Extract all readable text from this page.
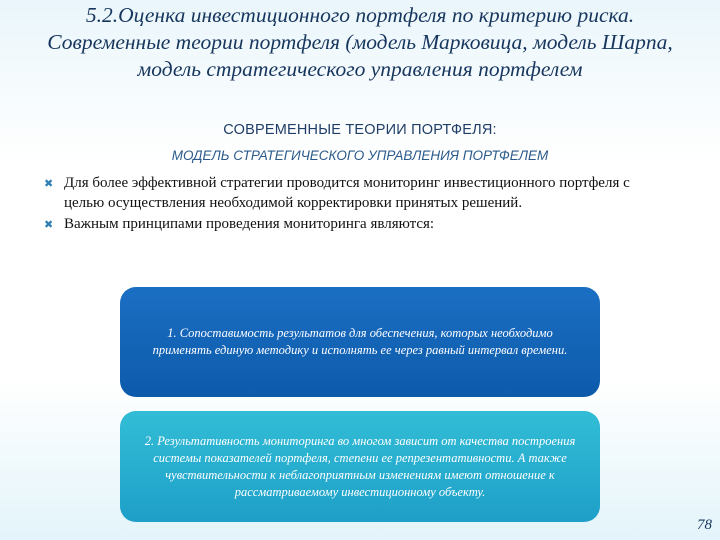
5.2.Оценка инвестиционного портфеля по критерию риска. Современные теории портфеля (модель Марковица, модель Шарпа, модель стратегического управления портфелем
СОВРЕМЕННЫЕ ТЕОРИИ ПОРТФЕЛЯ:
МОДЕЛЬ СТРАТЕГИЧЕСКОГО УПРАВЛЕНИЯ ПОРТФЕЛЕМ
✖ Для более эффективной стратегии проводится мониторинг инвестиционного портфеля с целью осуществления необходимой корректировки принятых решений.
✖ Важным принципами проведения мониторинга являются:
1. Сопоставимость результатов для обеспечения, которых необходимо применять единую методику и исполнять ее через равный интервал времени.
2. Результативность мониторинга во многом зависит от качества построения системы показателей портфеля, степени ее репрезентативности. А также чувствительности к неблагоприятным изменениям имеют отношение к рассматриваемому инвестиционному объекту.
78
